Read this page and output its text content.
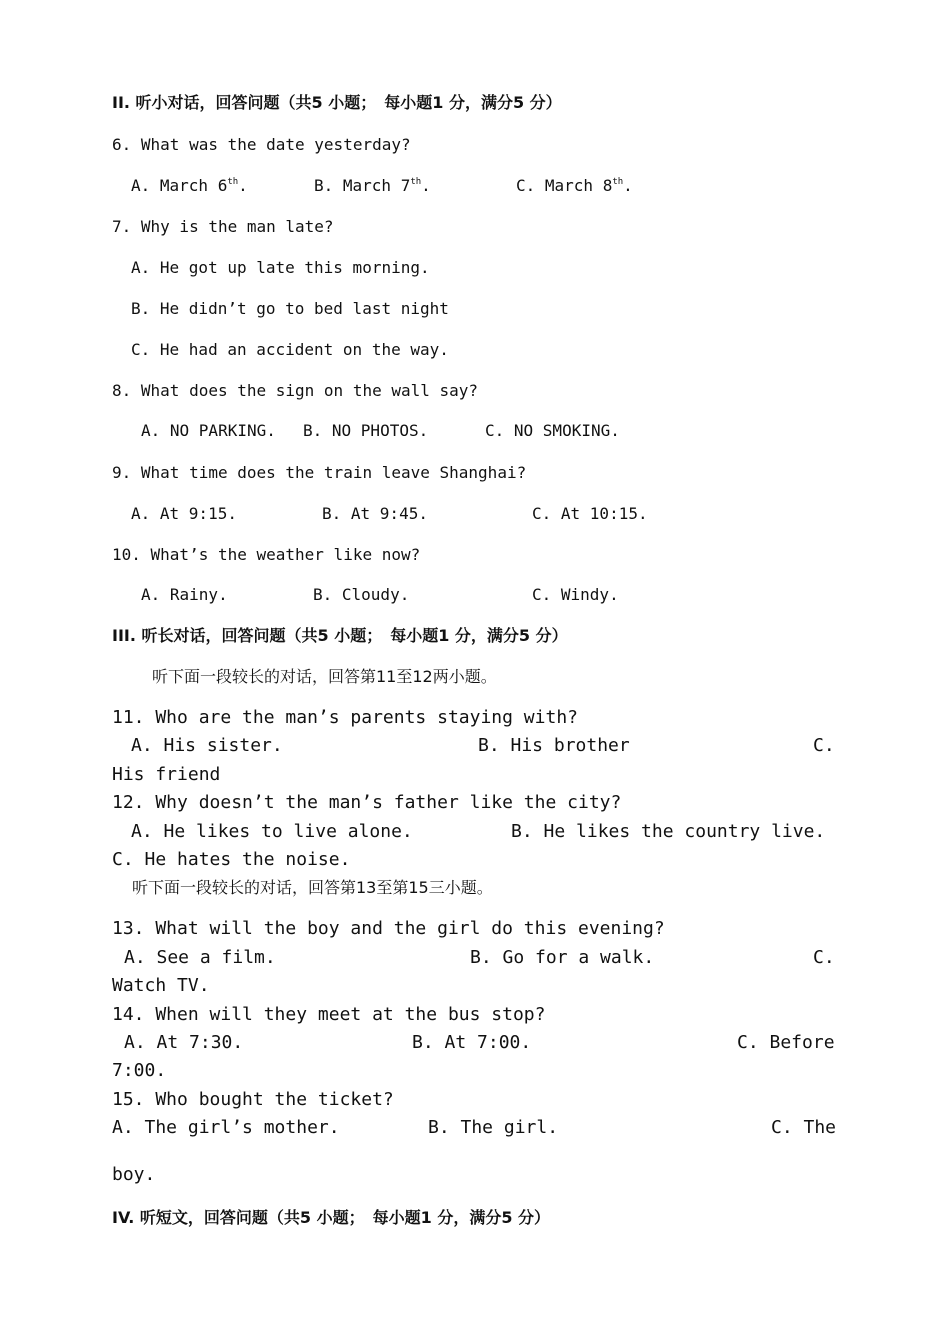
II. 听小对话，回答问题（共5 小题；　每小题1 分，满分5 分）
6. What was the date yesterday?
A. March 6th.	B. March 7th.	C. March 8th.
7. Why is the man late?
A. He got up late this morning.
B. He didn’t go to bed last night
C. He had an accident on the way.
8. What does the sign on the wall say?
A. NO PARKING. B. NO PHOTOS.	C. NO SMOKING.
9. What time does the train leave Shanghai?
A. At 9:15.	B. At 9:45.	C. At 10:15.
10. What’s the weather like now?
A. Rainy.	B. Cloudy.	C. Windy.
III. 听长对话，回答问题（共5 小题；　每小题1 分，满分5 分）
听下面一段较长的对话，回答第11至12两小题。
11. Who are the man’s parents staying with?
A. His sister.	B. His brother	C.
His friend
12. Why doesn’t the man’s father like the city?
A. He likes to live alone.	B. He likes the country live.
C. He hates the noise.
听下面一段较长的对话，回答第13至第15三小题。
13. What will the boy and the girl do this evening?
A. See a film.	B. Go for a walk.	C.
Watch TV.
14. When will they meet at the bus stop?
A. At 7:30.	B. At 7:00.	C. Before
7:00.
15. Who bought the ticket?
A. The girl’s mother.	B. The girl.	C. The
boy.
IV. 听短文，回答问题（共5 小题；　每小题1 分，满分5 分）
